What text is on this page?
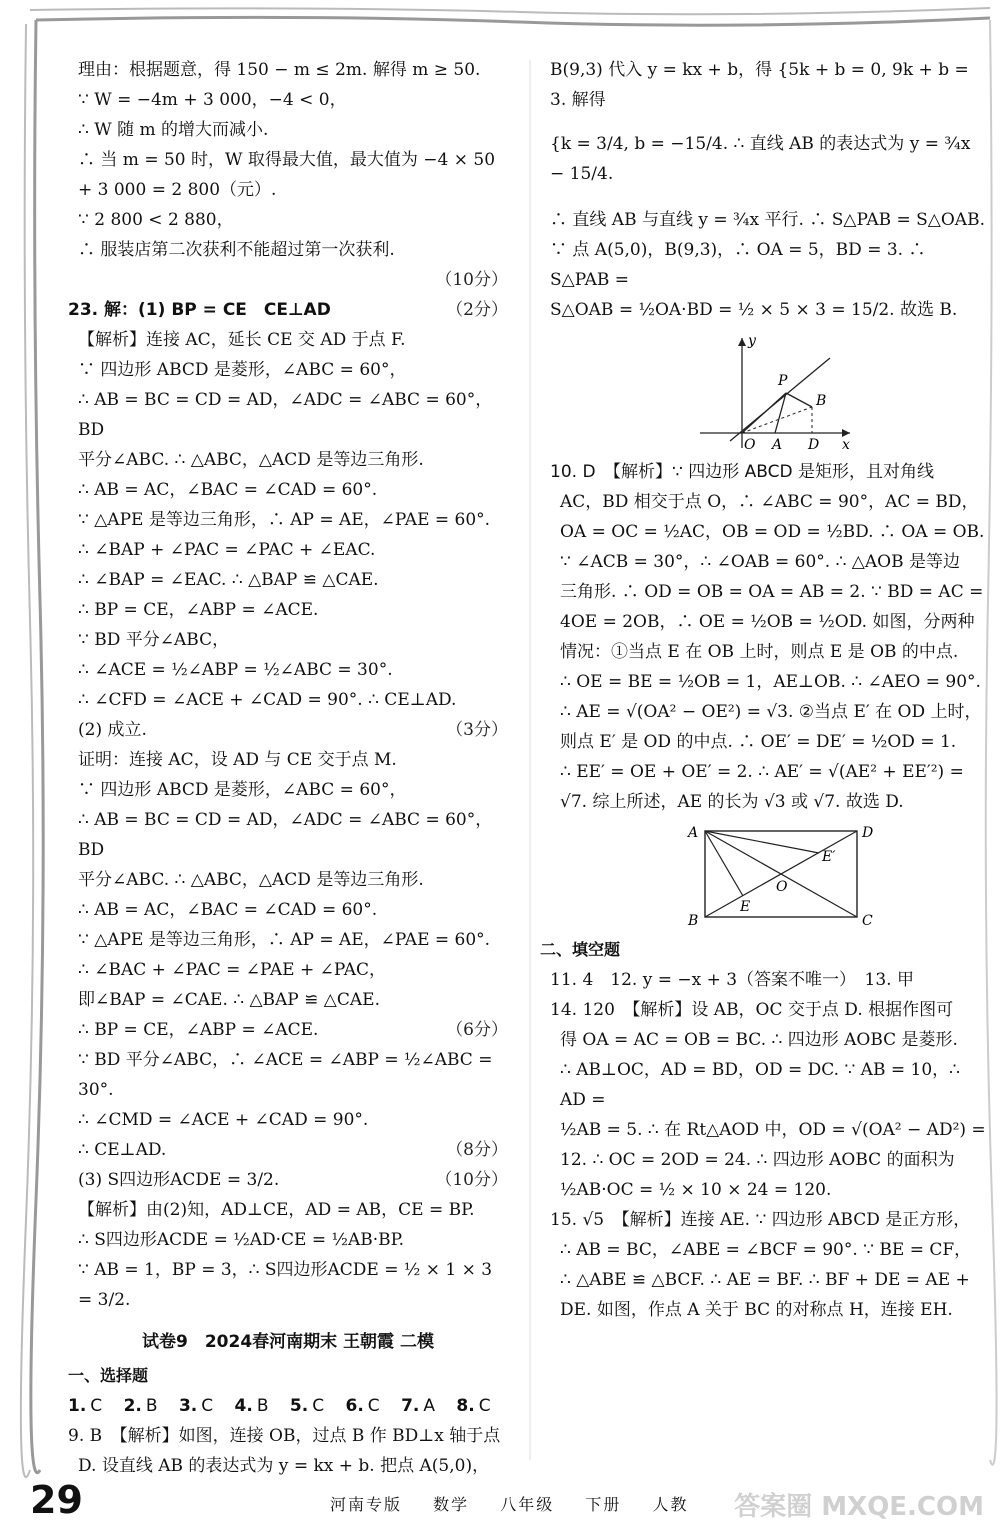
理由：根据题意，得 150 − m ≤ 2m. 解得 m ≥ 50.
∵ W = −4m + 3 000，−4 < 0，
∴ W 随 m 的增大而减小.
∴ 当 m = 50 时，W 取得最大值，最大值为 −4 × 50
+ 3 000 = 2 800（元）.
∵ 2 800 < 2 880，
∴ 服装店第二次获利不能超过第一次获利.
（10分）
23. 解：(1) BP = CE　CE⊥AD	（2分）
【解析】连接 AC，延长 CE 交 AD 于点 F.
∵ 四边形 ABCD 是菱形，∠ABC = 60°，
∴ AB = BC = CD = AD，∠ADC = ∠ABC = 60°，BD
平分∠ABC. ∴ △ABC，△ACD 是等边三角形.
∴ AB = AC，∠BAC = ∠CAD = 60°.
∵ △APE 是等边三角形，∴ AP = AE，∠PAE = 60°.
∴ ∠BAP + ∠PAC = ∠PAC + ∠EAC.
∴ ∠BAP = ∠EAC. ∴ △BAP ≌ △CAE.
∴ BP = CE，∠ABP = ∠ACE.
∵ BD 平分∠ABC，
∴ ∠ACE = ½∠ABP = ½∠ABC = 30°.
∴ ∠CFD = ∠ACE + ∠CAD = 90°. ∴ CE⊥AD.
(2) 成立.	（3分）
证明：连接 AC，设 AD 与 CE 交于点 M.
∵ 四边形 ABCD 是菱形，∠ABC = 60°，
∴ AB = BC = CD = AD，∠ADC = ∠ABC = 60°，BD
平分∠ABC. ∴ △ABC，△ACD 是等边三角形.
∴ AB = AC，∠BAC = ∠CAD = 60°.
∵ △APE 是等边三角形，∴ AP = AE，∠PAE = 60°.
∴ ∠BAC + ∠PAC = ∠PAE + ∠PAC，
即∠BAP = ∠CAE. ∴ △BAP ≌ △CAE.
∴ BP = CE，∠ABP = ∠ACE.	（6分）
∵ BD 平分∠ABC，∴ ∠ACE = ∠ABP = ½∠ABC = 30°.
∴ ∠CMD = ∠ACE + ∠CAD = 90°.
∴ CE⊥AD.	（8分）
(3) S四边形ACDE = 3/2.	（10分）
【解析】由(2)知，AD⊥CE，AD = AB，CE = BP.
∴ S四边形ACDE = ½AD·CE = ½AB·BP.
∵ AB = 1，BP = 3，∴ S四边形ACDE = ½ × 1 × 3 = 3/2.
试卷9　2024春河南期末 王朝霞 二模
一、选择题
1. C 2. B 3. C 4. B 5. C 6. C 7. A 8. C
9. B　【解析】如图，连接 OB，过点 B 作 BD⊥x 轴于点
D. 设直线 AB 的表达式为 y = kx + b. 把点 A(5,0)，
B(9,3) 代入 y = kx + b，得 {5k + b = 0, 9k + b = 3. 解得
{k = 3/4, b = −15/4. ∴ 直线 AB 的表达式为 y = ¾x − 15/4.
∴ 直线 AB 与直线 y = ¾x 平行. ∴ S△PAB = S△OAB.
∵ 点 A(5,0)，B(9,3)，∴ OA = 5，BD = 3. ∴ S△PAB =
S△OAB = ½OA·BD = ½ × 5 × 3 = 15/2. 故选 B.
y
P
B
O A D x
10. D　【解析】∵ 四边形 ABCD 是矩形，且对角线
AC，BD 相交于点 O，∴ ∠ABC = 90°，AC = BD，
OA = OC = ½AC，OB = OD = ½BD. ∴ OA = OB.
∵ ∠ACB = 30°，∴ ∠OAB = 60°. ∴ △AOB 是等边
三角形. ∴ OD = OB = OA = AB = 2. ∵ BD = AC =
4OE = 2OB，∴ OE = ½OB = ½OD. 如图，分两种
情况：①当点 E 在 OB 上时，则点 E 是 OB 的中点.
∴ OE = BE = ½OB = 1，AE⊥OB. ∴ ∠AEO = 90°.
∴ AE = √(OA² − OE²) = √3. ②当点 E′ 在 OD 上时，
则点 E′ 是 OD 的中点. ∴ OE′ = DE′ = ½OD = 1.
∴ EE′ = OE + OE′ = 2. ∴ AE′ = √(AE² + EE′²) =
√7. 综上所述，AE 的长为 √3 或 √7. 故选 D.
A	D
E′
O
E
B	C
二、填空题
11. 4　12. y = −x + 3（答案不唯一）　13. 甲
14. 120　【解析】设 AB，OC 交于点 D. 根据作图可
得 OA = AC = OB = BC. ∴ 四边形 AOBC 是菱形.
∴ AB⊥OC，AD = BD，OD = DC. ∵ AB = 10，∴ AD =
½AB = 5. ∴ 在 Rt△AOD 中，OD = √(OA² − AD²) =
12. ∴ OC = 2OD = 24. ∴ 四边形 AOBC 的面积为
½AB·OC = ½ × 10 × 24 = 120.
15. √5　【解析】连接 AE. ∵ 四边形 ABCD 是正方形，
∴ AB = BC，∠ABE = ∠BCF = 90°. ∵ BE = CF，
∴ △ABE ≌ △BCF. ∴ AE = BF. ∴ BF + DE = AE +
DE. 如图，作点 A 关于 BC 的对称点 H，连接 EH.
29	河南专版 数学 八年级 下册 人教	答案圈 MXQE.COM
